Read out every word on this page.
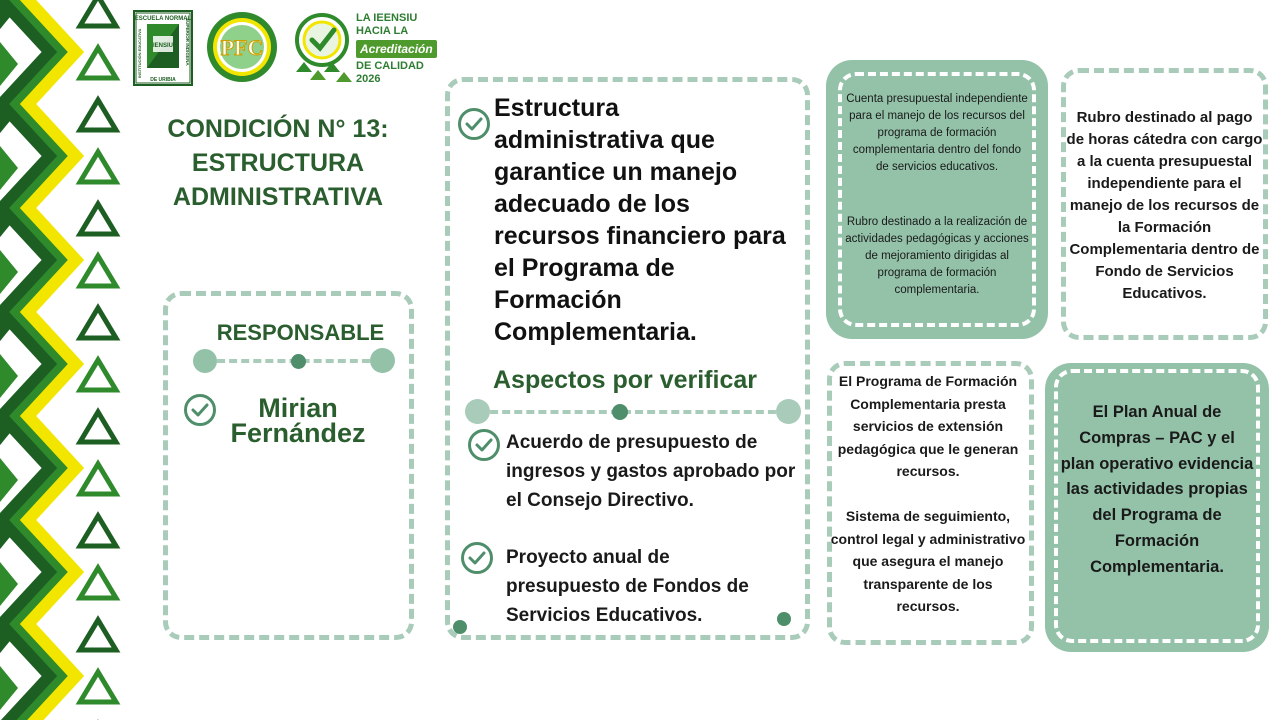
ESCUELA NORMAL
IENSIU
INSTITUCIÓN EDUCATIVA	SUPERIOR INDÍGENA
DE URIBIA
PFC
LA IEENSIU HACIA LA
Acreditación
DE CALIDAD 2026
CONDICIÓN N° 13: ESTRUCTURA ADMINISTRATIVA
RESPONSABLE
Mirian Fernández
Estructura administrativa que garantice un manejo adecuado de los recursos financiero para el Programa de Formación Complementaria.
Aspectos por verificar
Acuerdo de presupuesto de ingresos y gastos aprobado por el Consejo Directivo.
Proyecto anual de presupuesto de Fondos de Servicios Educativos.
Cuenta presupuestal independiente para el manejo de los recursos del programa de formación complementaria dentro del fondo de servicios educativos.
Rubro destinado a la realización de actividades pedagógicas y acciones de mejoramiento dirigidas al programa de formación complementaria.
Rubro destinado al pago de horas cátedra con cargo a la cuenta presupuestal independiente para el manejo de los recursos de la Formación Complementaria dentro de Fondo de Servicios Educativos.
El Programa de Formación Complementaria presta servicios de extensión pedagógica que le generan recursos.
Sistema de seguimiento, control legal y administrativo que asegura el manejo transparente de los recursos.
El Plan Anual de Compras – PAC y el plan operativo evidencia las actividades propias del Programa de Formación Complementaria.
